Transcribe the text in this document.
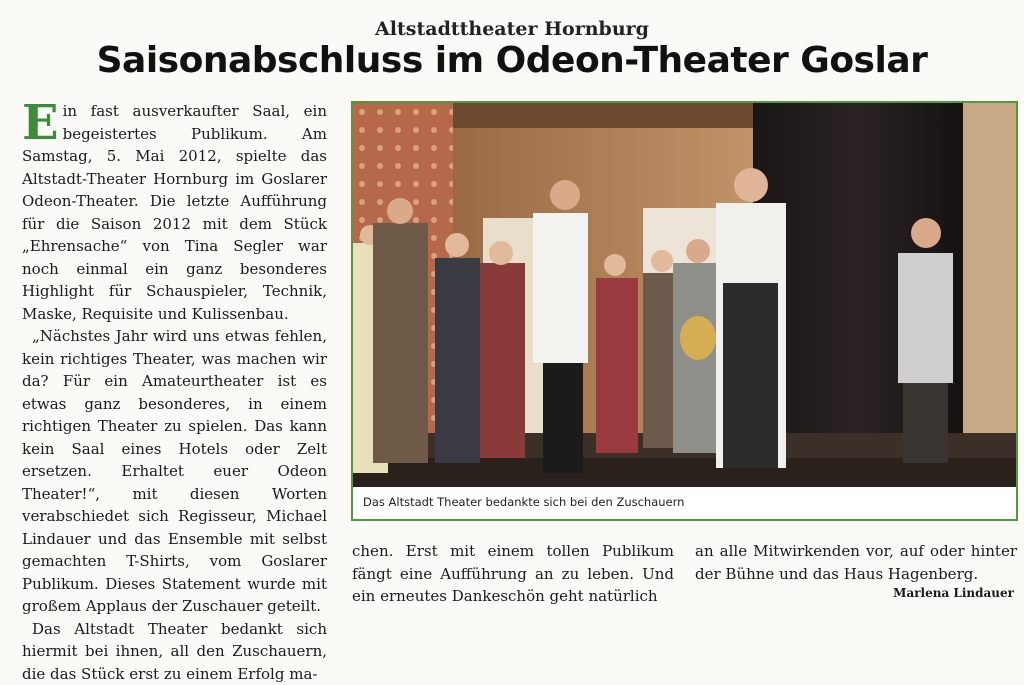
Altstadttheater Hornburg
Saisonabschluss im Odeon-Theater Goslar

Ein fast ausverkaufter Saal, ein begeistertes Publikum. Am Samstag, 5. Mai 2012, spielte das Altstadt-Theater Hornburg im Goslarer Odeon-Theater. Die letzte Aufführung für die Saison 2012 mit dem Stück „Ehrensache“ von Tina Segler war noch einmal ein ganz besonderes Highlight für Schauspieler, Technik, Maske, Requisite und Kulissenbau.

„Nächstes Jahr wird uns etwas fehlen, kein richtiges Theater, was machen wir da? Für ein Amateurtheater ist es etwas ganz besonderes, in einem richtigen Theater zu spielen. Das kann kein Saal eines Hotels oder Zelt ersetzen. Erhaltet euer Odeon Theater!“, mit diesen Worten verabschiedet sich Regisseur, Michael Lindauer und das Ensemble mit selbst gemachten T-Shirts, vom Goslarer Publikum. Dieses Statement wurde mit großem Applaus der Zuschauer geteilt.

Das Altstadt Theater bedankt sich hiermit bei ihnen, all den Zuschauern, die das Stück erst zu einem Erfolg ma-

Das Altstadt Theater bedankte sich bei den Zuschauern

chen. Erst mit einem tollen Publikum fängt eine Aufführung an zu leben. Und ein erneutes Dankeschön geht natürlich

an alle Mitwirkenden vor, auf oder hinter der Bühne und das Haus Hagenberg.

Marlena Lindauer
